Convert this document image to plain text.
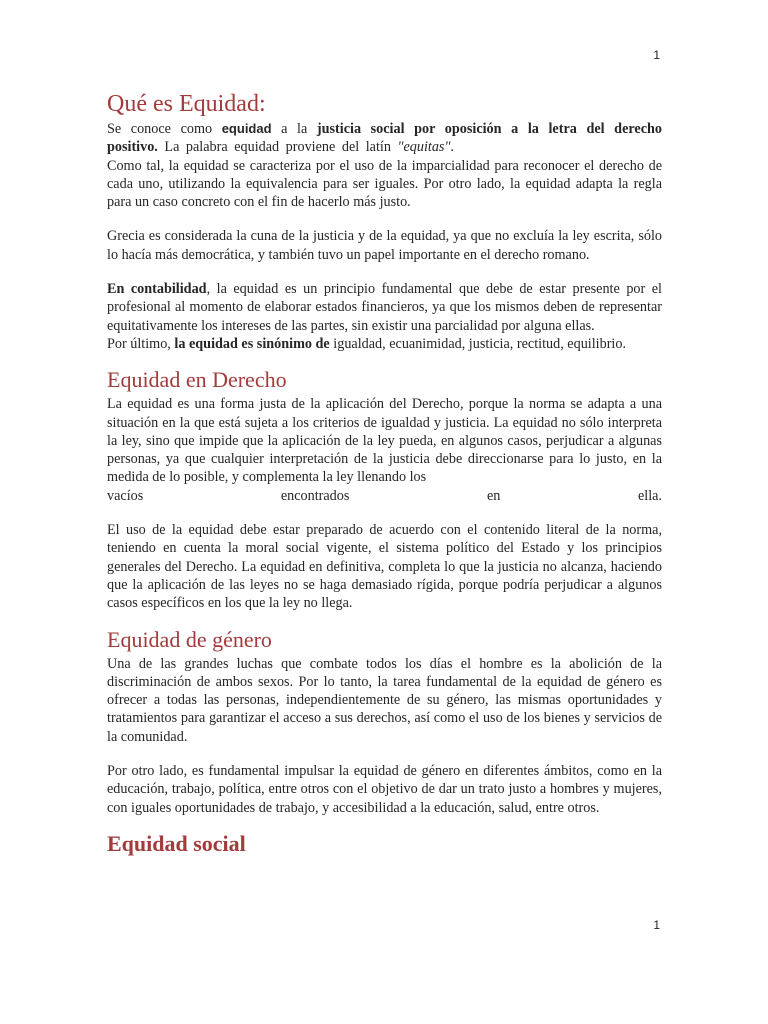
1
Qué es Equidad:

Se conoce como equidad a la justicia social por oposición a la letra del derecho positivo. La palabra equidad proviene del latín "equitas".

Como tal, la equidad se caracteriza por el uso de la imparcialidad para reconocer el derecho de cada uno, utilizando la equivalencia para ser iguales. Por otro lado, la equidad adapta la regla para un caso concreto con el fin de hacerlo más justo.

Grecia es considerada la cuna de la justicia y de la equidad, ya que no excluía la ley escrita, sólo lo hacía más democrática, y también tuvo un papel importante en el derecho romano.

En contabilidad, la equidad es un principio fundamental que debe de estar presente por el profesional al momento de elaborar estados financieros, ya que los mismos deben de representar equitativamente los intereses de las partes, sin existir una parcialidad por alguna ellas.

Por último, la equidad es sinónimo de igualdad, ecuanimidad, justicia, rectitud, equilibrio.

Equidad en Derecho

La equidad es una forma justa de la aplicación del Derecho, porque la norma se adapta a una situación en la que está sujeta a los criterios de igualdad y justicia. La equidad no sólo interpreta la ley, sino que impide que la aplicación de la ley pueda, en algunos casos, perjudicar a algunas personas, ya que cualquier interpretación de la justicia debe direccionarse para lo justo, en la medida de lo posible, y complementa la ley llenando los

vacíos	encontrados	en	ella.

El uso de la equidad debe estar preparado de acuerdo con el contenido literal de la norma, teniendo en cuenta la moral social vigente, el sistema político del Estado y los principios generales del Derecho. La equidad en definitiva, completa lo que la justicia no alcanza, haciendo que la aplicación de las leyes no se haga demasiado rígida, porque podría perjudicar a algunos casos específicos en los que la ley no llega.

Equidad de género

Una de las grandes luchas que combate todos los días el hombre es la abolición de la discriminación de ambos sexos. Por lo tanto, la tarea fundamental de la equidad de género es ofrecer a todas las personas, independientemente de su género, las mismas oportunidades y tratamientos para garantizar el acceso a sus derechos, así como el uso de los bienes y servicios de la comunidad.

Por otro lado, es fundamental impulsar la equidad de género en diferentes ámbitos, como en la educación, trabajo, política, entre otros con el objetivo de dar un trato justo a hombres y mujeres, con iguales oportunidades de trabajo, y accesibilidad a la educación, salud, entre otros.

Equidad social
1
